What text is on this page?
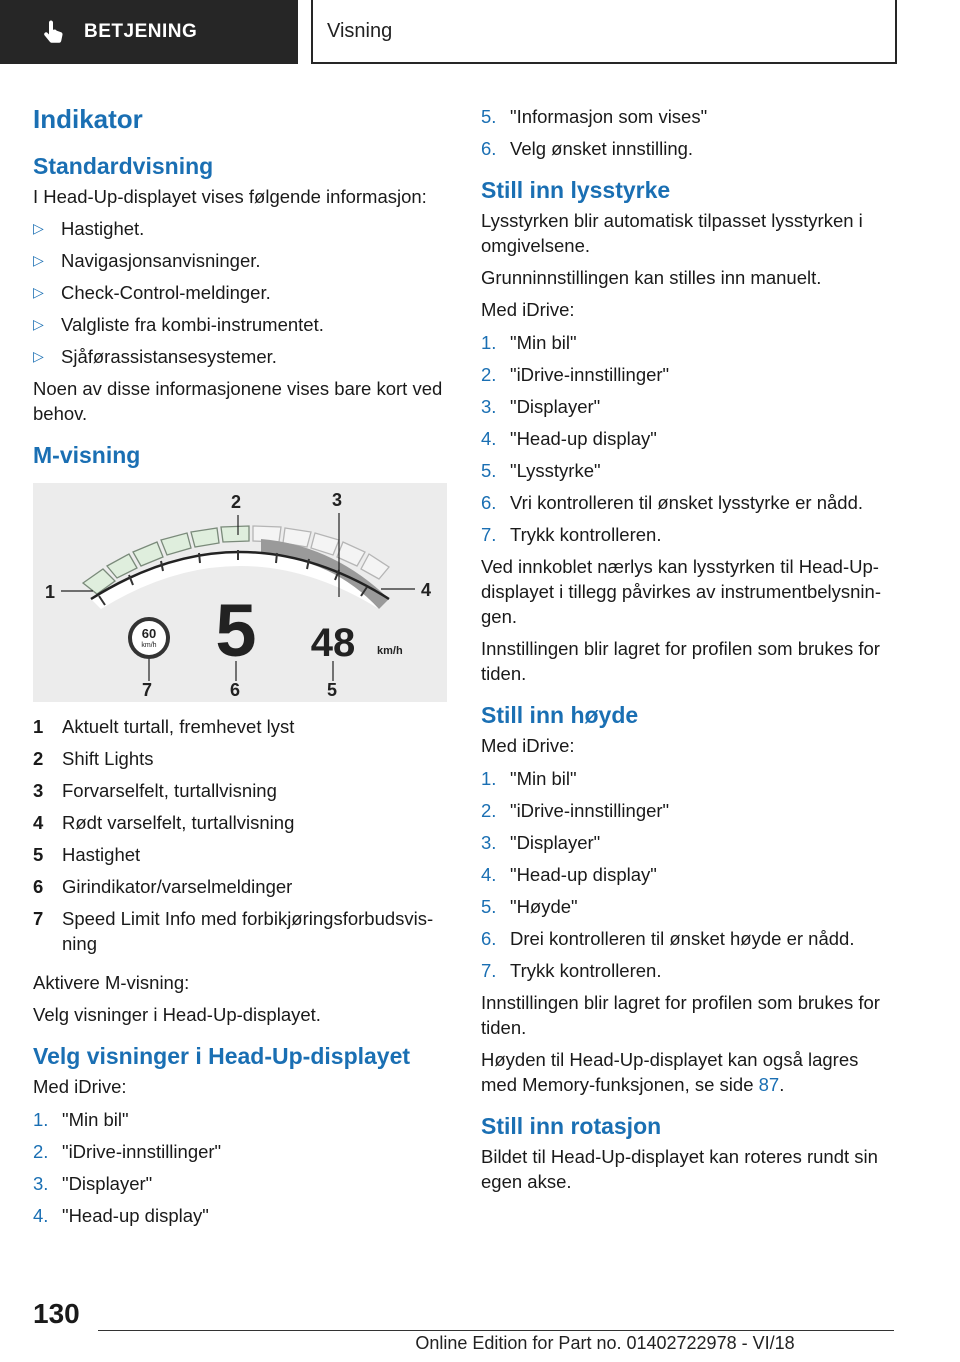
BETJENING	Visning
Indikator
Standardvisning

I Head-Up-displayet vises følgende informasjon:

▷ Hastighet.
▷ Navigasjonsanvisninger.
▷ Check-Control-meldinger.
▷ Valgliste fra kombi-instrumentet.
▷ Sjåførassistansesystemer.

Noen av disse informasjonene vises bare kort ved behov.

M-visning
60
km/h 5 48 km/h
1
2	3
4
5
6
7
1 Aktuelt turtall, fremhevet lyst
2 Shift Lights
3 Forvarselfelt, turtallvisning
4 Rødt varselfelt, turtallvisning
5 Hastighet
6 Girindikator/varselmeldinger
7 Speed Limit Info med forbikjøringsforbudsvisning

Aktivere M-visning:

Velg visninger i Head-Up-displayet.

Velg visninger i Head-Up-displayet

Med iDrive:

1. "Min bil"
2. "iDrive-innstillinger"
3. "Displayer"
4. "Head-up display"
5. "Informasjon som vises"
6. Velg ønsket innstilling.
Still inn lysstyrke

Lysstyrken blir automatisk tilpasset lysstyrken i omgivelsene.

Grunninnstillingen kan stilles inn manuelt.

Med iDrive:

1. "Min bil"
2. "iDrive-innstillinger"
3. "Displayer"
4. "Head-up display"
5. "Lysstyrke"
6. Vri kontrolleren til ønsket lysstyrke er nådd.
7. Trykk kontrolleren.

Ved innkoblet nærlys kan lysstyrken til Head-Up-displayet i tillegg påvirkes av instrumentbelysningen.

Innstillingen blir lagret for profilen som brukes for tiden.

Still inn høyde

Med iDrive:

1. "Min bil"
2. "iDrive-innstillinger"
3. "Displayer"
4. "Head-up display"
5. "Høyde"
6. Drei kontrolleren til ønsket høyde er nådd.
7. Trykk kontrolleren.

Innstillingen blir lagret for profilen som brukes for tiden.

Høyden til Head-Up-displayet kan også lagres med Memory-funksjonen, se side 87.

Still inn rotasjon

Bildet til Head-Up-displayet kan roteres rundt sin egen akse.

130
Online Edition for Part no. 01402722978 - VI/18
